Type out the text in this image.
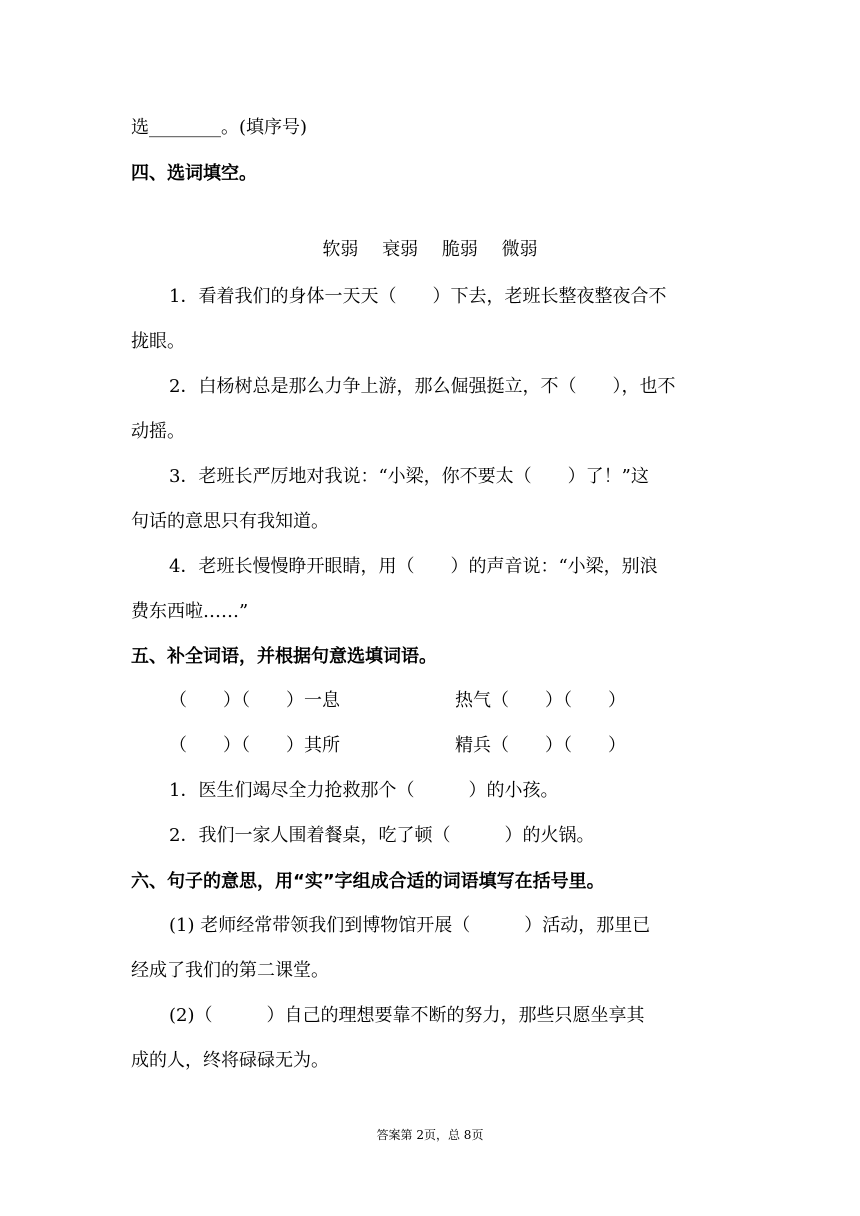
选________。(填序号)
四、选词填空。
软弱 衰弱 脆弱 微弱
1．看着我们的身体一天天（　　）下去，老班长整夜整夜合不
拢眼。
2．白杨树总是那么力争上游，那么倔强挺立，不（　　），也不
动摇。
3．老班长严厉地对我说：“小梁，你不要太（　　）了！”这
句话的意思只有我知道。
4．老班长慢慢睁开眼睛，用（　　）的声音说：“小梁，别浪
费东西啦……”
五、补全词语，并根据句意选填词语。
（　　）（　　）一息	热气（　　）（　　）
（　　）（　　）其所	精兵（　　）（　　）
1．医生们竭尽全力抢救那个（　　　）的小孩。
2．我们一家人围着餐桌，吃了顿（　　　）的火锅。
六、句子的意思，用“实”字组成合适的词语填写在括号里。
(1) 老师经常带领我们到博物馆开展（　　　）活动，那里已
经成了我们的第二课堂。
(2)（　　　）自己的理想要靠不断的努力，那些只愿坐享其
成的人，终将碌碌无为。
答案第 2页，总 8页
